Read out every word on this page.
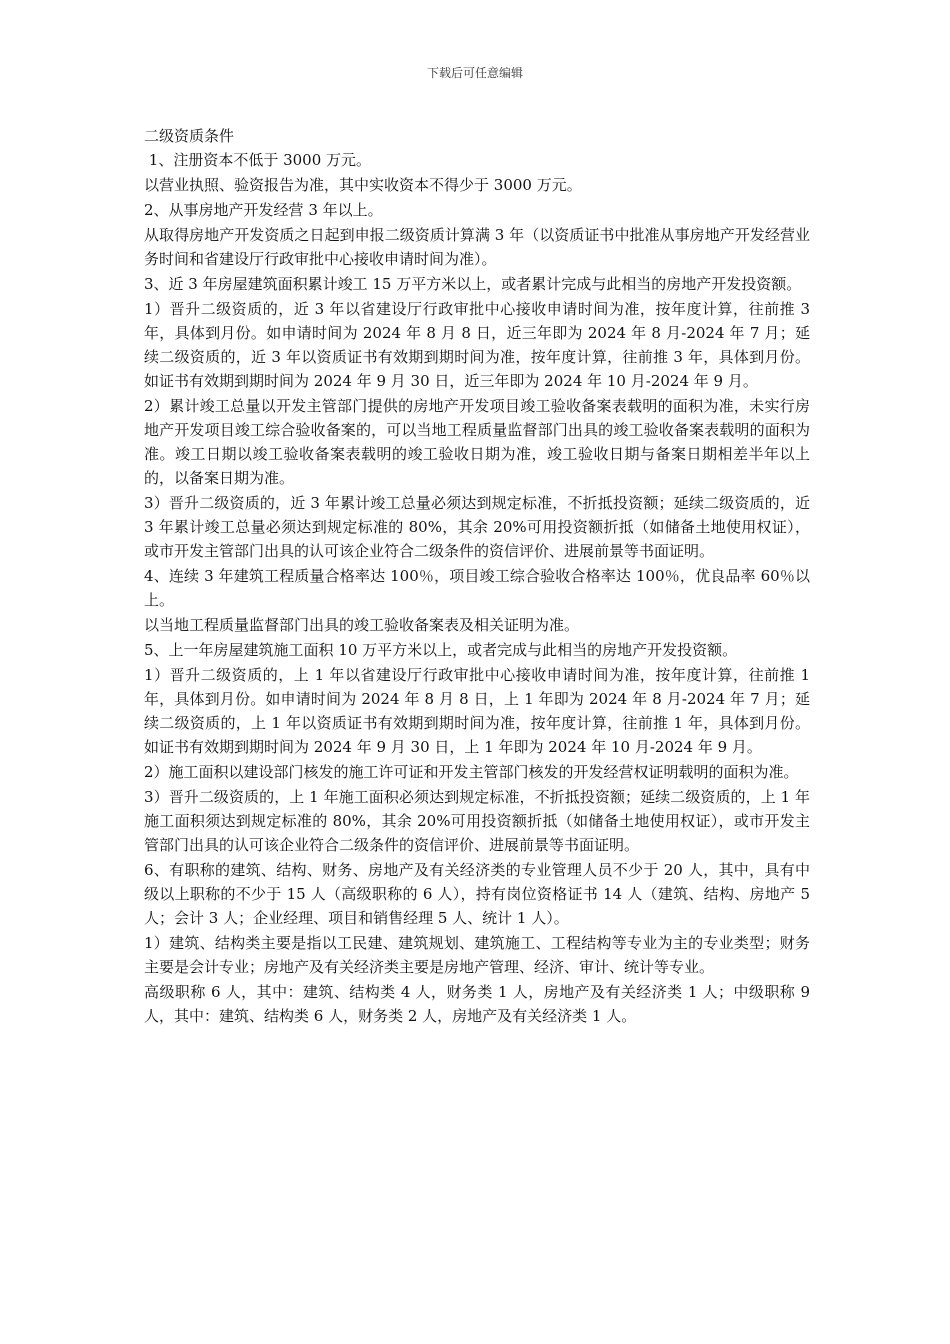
下载后可任意编辑

二级资质条件

1、注册资本不低于 3000 万元。

以营业执照、验资报告为准，其中实收资本不得少于 3000 万元。

2、从事房地产开发经营 3 年以上。

从取得房地产开发资质之日起到申报二级资质计算满 3 年（以资质证书中批准从事房地产开发经营业务时间和省建设厅行政审批中心接收申请时间为准）。

3、近 3 年房屋建筑面积累计竣工 15 万平方米以上，或者累计完成与此相当的房地产开发投资额。

1）晋升二级资质的，近 3 年以省建设厅行政审批中心接收申请时间为准，按年度计算，往前推 3 年，具体到月份。如申请时间为 2024 年 8 月 8 日，近三年即为 2024 年 8 月-2024 年 7 月；延续二级资质的，近 3 年以资质证书有效期到期时间为准，按年度计算，往前推 3 年，具体到月份。如证书有效期到期时间为 2024 年 9 月 30 日，近三年即为 2024 年 10 月-2024 年 9 月。

2）累计竣工总量以开发主管部门提供的房地产开发项目竣工验收备案表载明的面积为准，未实行房地产开发项目竣工综合验收备案的，可以当地工程质量监督部门出具的竣工验收备案表载明的面积为准。竣工日期以竣工验收备案表载明的竣工验收日期为准，竣工验收日期与备案日期相差半年以上的，以备案日期为准。

3）晋升二级资质的，近 3 年累计竣工总量必须达到规定标准，不折抵投资额；延续二级资质的，近 3 年累计竣工总量必须达到规定标准的 80%，其余 20%可用投资额折抵（如储备土地使用权证），或市开发主管部门出具的认可该企业符合二级条件的资信评价、进展前景等书面证明。

4、连续 3 年建筑工程质量合格率达 100％，项目竣工综合验收合格率达 100％，优良品率 60％以上。

以当地工程质量监督部门出具的竣工验收备案表及相关证明为准。

5、上一年房屋建筑施工面积 10 万平方米以上，或者完成与此相当的房地产开发投资额。

1）晋升二级资质的，上 1 年以省建设厅行政审批中心接收申请时间为准，按年度计算，往前推 1 年，具体到月份。如申请时间为 2024 年 8 月 8 日，上 1 年即为 2024 年 8 月-2024 年 7 月；延续二级资质的，上 1 年以资质证书有效期到期时间为准，按年度计算，往前推 1 年，具体到月份。如证书有效期到期时间为 2024 年 9 月 30 日，上 1 年即为 2024 年 10 月-2024 年 9 月。

2）施工面积以建设部门核发的施工许可证和开发主管部门核发的开发经营权证明载明的面积为准。

3）晋升二级资质的，上 1 年施工面积必须达到规定标准，不折抵投资额；延续二级资质的，上 1 年施工面积须达到规定标准的 80%，其余 20%可用投资额折抵（如储备土地使用权证），或市开发主管部门出具的认可该企业符合二级条件的资信评价、进展前景等书面证明。

6、有职称的建筑、结构、财务、房地产及有关经济类的专业管理人员不少于 20 人，其中，具有中级以上职称的不少于 15 人（高级职称的 6 人），持有岗位资格证书 14 人（建筑、结构、房地产 5 人；会计 3 人；企业经理、项目和销售经理 5 人、统计 1 人）。

1）建筑、结构类主要是指以工民建、建筑规划、建筑施工、工程结构等专业为主的专业类型；财务主要是会计专业；房地产及有关经济类主要是房地产管理、经济、审计、统计等专业。

高级职称 6 人，其中：建筑、结构类 4 人，财务类 1 人，房地产及有关经济类 1 人；中级职称 9 人，其中：建筑、结构类 6 人，财务类 2 人，房地产及有关经济类 1 人。
